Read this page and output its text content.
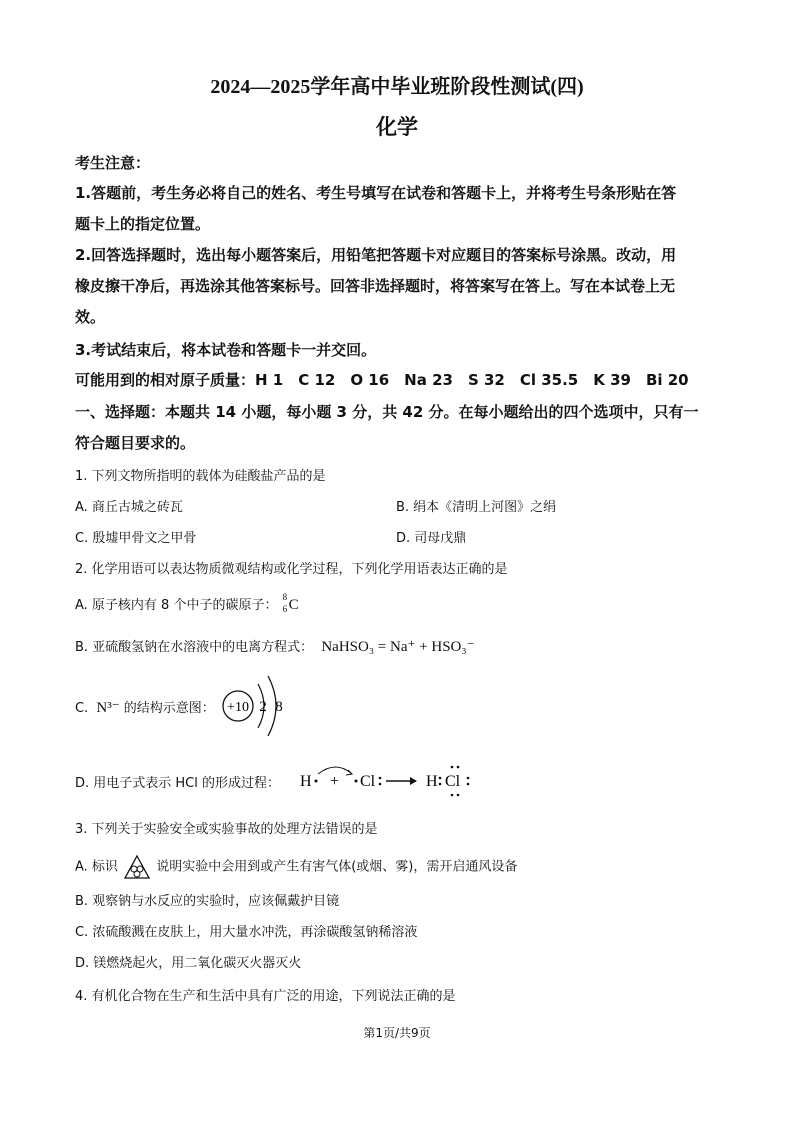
2024—2025学年高中毕业班阶段性测试(四)
化学
考生注意：
1.答题前，考生务必将自己的姓名、考生号填写在试卷和答题卡上，并将考生号条形贴在答
题卡上的指定位置。
2.回答选择题时，选出每小题答案后，用铅笔把答题卡对应题目的答案标号涂黑。改动，用
橡皮擦干净后，再选涂其他答案标号。回答非选择题时，将答案写在答上。写在本试卷上无
效。
3.考试结束后，将本试卷和答题卡一并交回。
可能用到的相对原子质量：H 1　C 12　O 16　Na 23　S 32　Cl 35.5　K 39　Bi 20
一、选择题：本题共 14 小题，每小题 3 分，共 42 分。在每小题给出的四个选项中，只有一
符合题目要求的。
1. 下列文物所指明的载体为硅酸盐产品的是
A. 商丘古城之砖瓦	B. 绢本《清明上河图》之绢
C. 殷墟甲骨文之甲骨	D. 司母戊鼎
2. 化学用语可以表达物质微观结构或化学过程，下列化学用语表达正确的是
A. 原子核内有 8 个中子的碳原子：
8
6 C
B. 亚硫酸氢钠在水溶液中的电离方程式： NaHSO₃ = Na⁺ + HSO₃⁻
C. N³⁻ 的结构示意图： +10 2 8
D. 用电子式表示 HCl 的形成过程： H + Cl	H Cl
3. 下列关于实验安全或实验事故的处理方法错误的是
A. 标识	说明实验中会用到或产生有害气体(或烟、雾)，需开启通风设备
B. 观察钠与水反应的实验时，应该佩戴护目镜
C. 浓硫酸溅在皮肤上，用大量水冲洗，再涂碳酸氢钠稀溶液
D. 镁燃烧起火，用二氧化碳灭火器灭火
4. 有机化合物在生产和生活中具有广泛的用途，下列说法正确的是
第1页/共9页
